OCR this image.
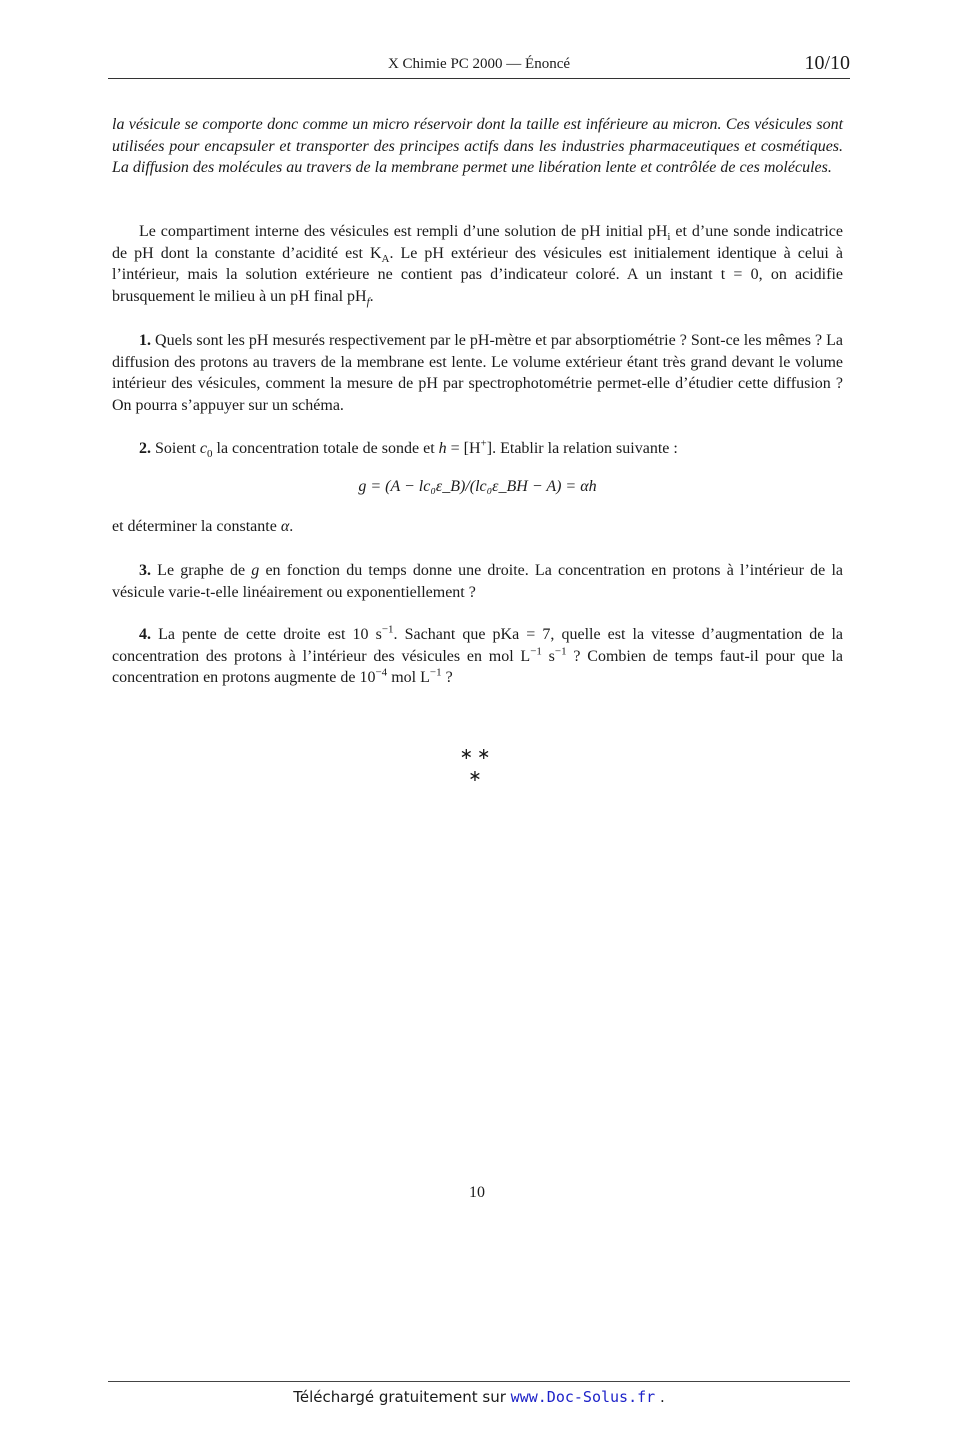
X Chimie PC 2000 — Énoncé	10/10
la vésicule se comporte donc comme un micro réservoir dont la taille est inférieure au micron. Ces vésicules sont utilisées pour encapsuler et transporter des principes actifs dans les industries pharmaceutiques et cosmétiques. La diffusion des molécules au travers de la membrane permet une libération lente et contrôlée de ces molécules.

Le compartiment interne des vésicules est rempli d’une solution de pH initial $pH_i$ et d’une sonde indicatrice de pH dont la constante d’acidité est $K_A$. Le pH extérieur des vésicules est initialement identique à celui à l’intérieur, mais la solution extérieure ne contient pas d’indicateur coloré. A un instant t = 0, on acidifie brusquement le milieu à un pH final $pH_f$.

1. Quels sont les pH mesurés respectivement par le pH-mètre et par absorptiométrie ? Sont-ce les mêmes ? La diffusion des protons au travers de la membrane est lente. Le volume extérieur étant très grand devant le volume intérieur des vésicules, comment la mesure de pH par spectrophotométrie permet-elle d’étudier cette diffusion ? On pourra s’appuyer sur un schéma.

2. Soient $c_0$ la concentration totale de sonde et h = [H+]. Etablir la relation suivante :

g = (A − lc₀ε_B)/(lc₀ε_BH − A) = αh

et déterminer la constante α.

3. Le graphe de g en fonction du temps donne une droite. La concentration en protons à l’intérieur de la vésicule varie-t-elle linéairement ou exponentiellement ?

4. La pente de cette droite est 10 $s^{-1}$. Sachant que pKa = 7, quelle est la vitesse d’augmentation de la concentration des protons à l’intérieur des vésicules en mol $L^{-1}$ $s^{-1}$ ? Combien de temps faut-il pour que la concentration en protons augmente de $10^{-4}$ mol $L^{-1}$ ?

∗ ∗
∗
10
Téléchargé gratuitement sur www.Doc-Solus.fr .
